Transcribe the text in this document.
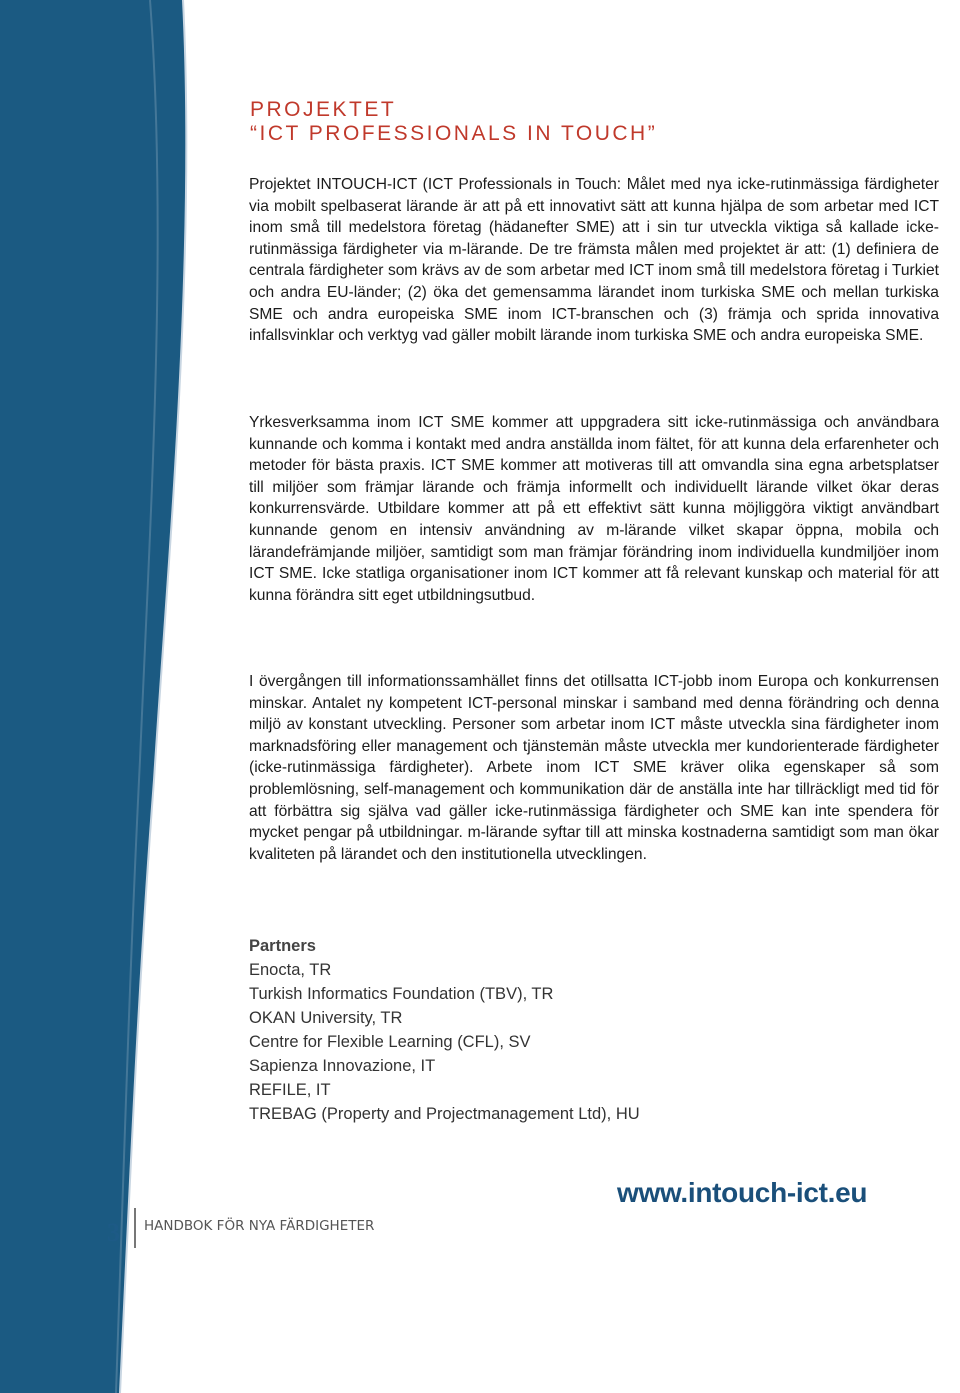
PROJEKTET
“ICT PROFESSIONALS IN TOUCH”

Projektet INTOUCH-ICT (ICT Professionals in Touch: Målet med nya icke-rutinmässiga färdigheter via mobilt spelbaserat lärande är att på ett innovativt sätt att kunna hjälpa de som arbetar med ICT inom små till medelstora företag (hädanefter SME) att i sin tur utveckla viktiga så kallade icke-rutinmässiga färdigheter via m-lärande. De tre främsta målen med projektet är att: (1) definiera de centrala färdigheter som krävs av de som arbetar med ICT inom små till medelstora företag i Turkiet och andra EU-länder; (2) öka det gemensamma lärandet inom turkiska SME och mellan turkiska SME och andra europeiska SME inom ICT-branschen och (3) främja och sprida innovativa infallsvinklar och verktyg vad gäller mobilt lärande inom turkiska SME och andra europeiska SME.

Yrkesverksamma inom ICT SME kommer att uppgradera sitt icke-rutinmässiga och användbara kunnande och komma i kontakt med andra anställda inom fältet, för att kunna dela erfarenheter och metoder för bästa praxis. ICT SME kommer att motiveras till att omvandla sina egna arbetsplatser till miljöer som främjar lärande och främja informellt och individuellt lärande vilket ökar deras konkurrensvärde. Utbildare kommer att på ett effektivt sätt kunna möjliggöra viktigt användbart kunnande genom en intensiv användning av m-lärande vilket skapar öppna, mobila och lärandefrämjande miljöer, samtidigt som man främjar förändring inom individuella kundmiljöer inom ICT SME. Icke statliga organisationer inom ICT kommer att få relevant kunskap och material för att kunna förändra sitt eget utbildningsutbud.

I övergången till informationssamhället finns det otillsatta ICT-jobb inom Europa och konkurrensen minskar. Antalet ny kompetent ICT-personal minskar i samband med denna förändring och denna miljö av konstant utveckling. Personer som arbetar inom ICT måste utveckla sina färdigheter inom marknadsföring eller management och tjänstemän måste utveckla mer kundorienterade färdigheter (icke-rutinmässiga färdigheter). Arbete inom ICT SME kräver olika egenskaper så som problemlösning, self-management och kommunikation där de anställa inte har tillräckligt med tid för att förbättra sig själva vad gäller icke-rutinmässiga färdigheter och SME kan inte spendera för mycket pengar på utbildningar. m-lärande syftar till att minska kostnaderna samtidigt som man ökar kvaliteten på lärandet och den institutionella utvecklingen.

Partners
Enocta, TR
Turkish Informatics Foundation (TBV), TR
OKAN University, TR
Centre for Flexible Learning (CFL), SV
Sapienza Innovazione, IT
REFILE, IT
TREBAG (Property and Projectmanagement Ltd), HU
www.intouch-ict.eu
3 HANDBOK FÖR NYA FÄRDIGHETER
